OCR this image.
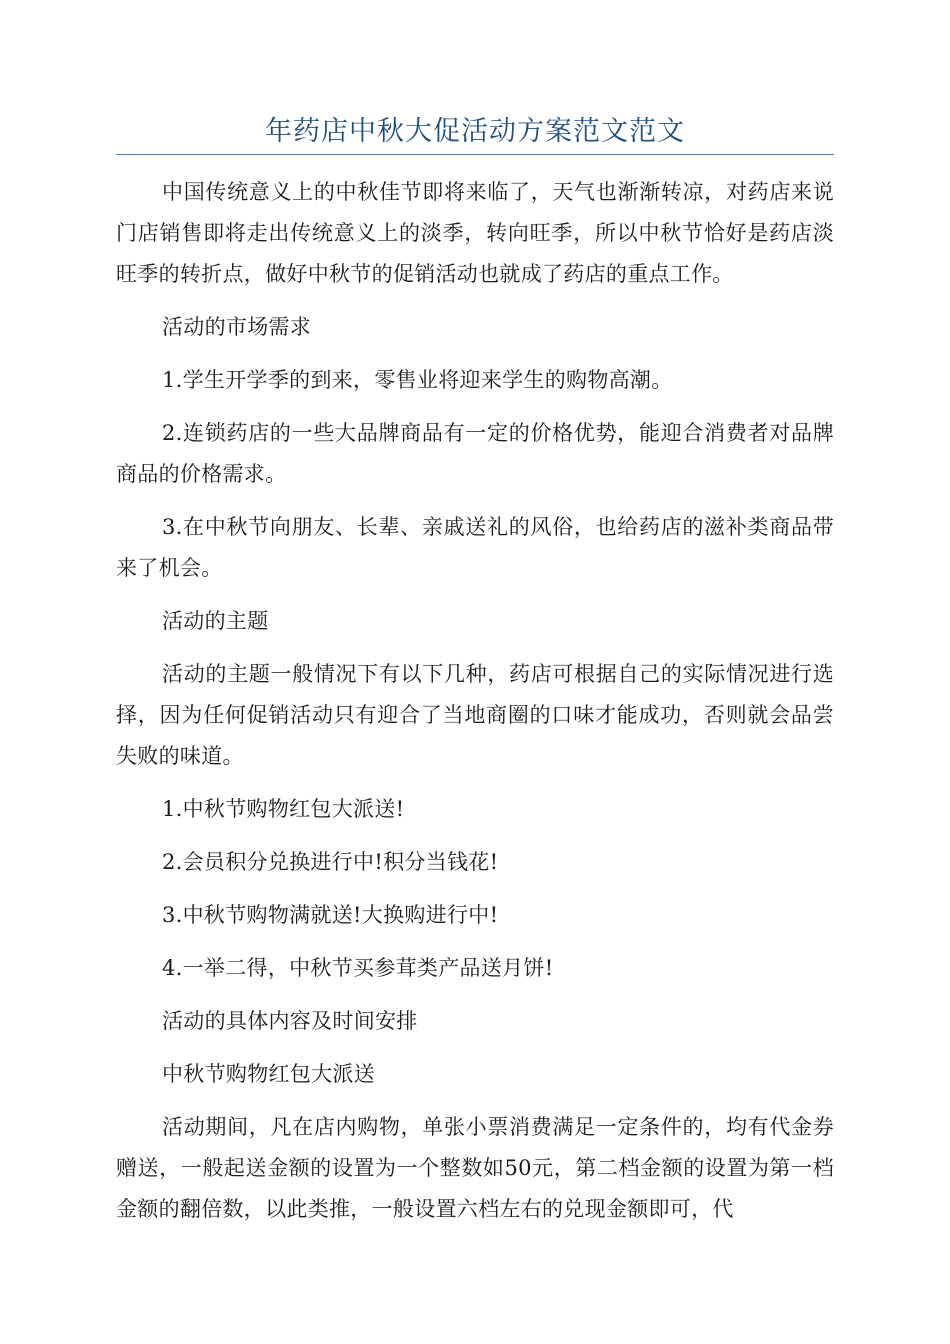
年药店中秋大促活动方案范文范文

中国传统意义上的中秋佳节即将来临了，天气也渐渐转凉，对药店来说门店销售即将走出传统意义上的淡季，转向旺季，所以中秋节恰好是药店淡旺季的转折点，做好中秋节的促销活动也就成了药店的重点工作。

活动的市场需求

1.学生开学季的到来，零售业将迎来学生的购物高潮。

2.连锁药店的一些大品牌商品有一定的价格优势，能迎合消费者对品牌商品的价格需求。

3.在中秋节向朋友、长辈、亲戚送礼的风俗，也给药店的滋补类商品带来了机会。

活动的主题

活动的主题一般情况下有以下几种，药店可根据自己的实际情况进行选择，因为任何促销活动只有迎合了当地商圈的口味才能成功，否则就会品尝失败的味道。

1.中秋节购物红包大派送!

2.会员积分兑换进行中!积分当钱花!

3.中秋节购物满就送!大换购进行中!

4.一举二得，中秋节买参茸类产品送月饼!

活动的具体内容及时间安排

中秋节购物红包大派送

活动期间，凡在店内购物，单张小票消费满足一定条件的，均有代金券赠送，一般起送金额的设置为一个整数如50元，第二档金额的设置为第一档金额的翻倍数，以此类推，一般设置六档左右的兑现金额即可，代
